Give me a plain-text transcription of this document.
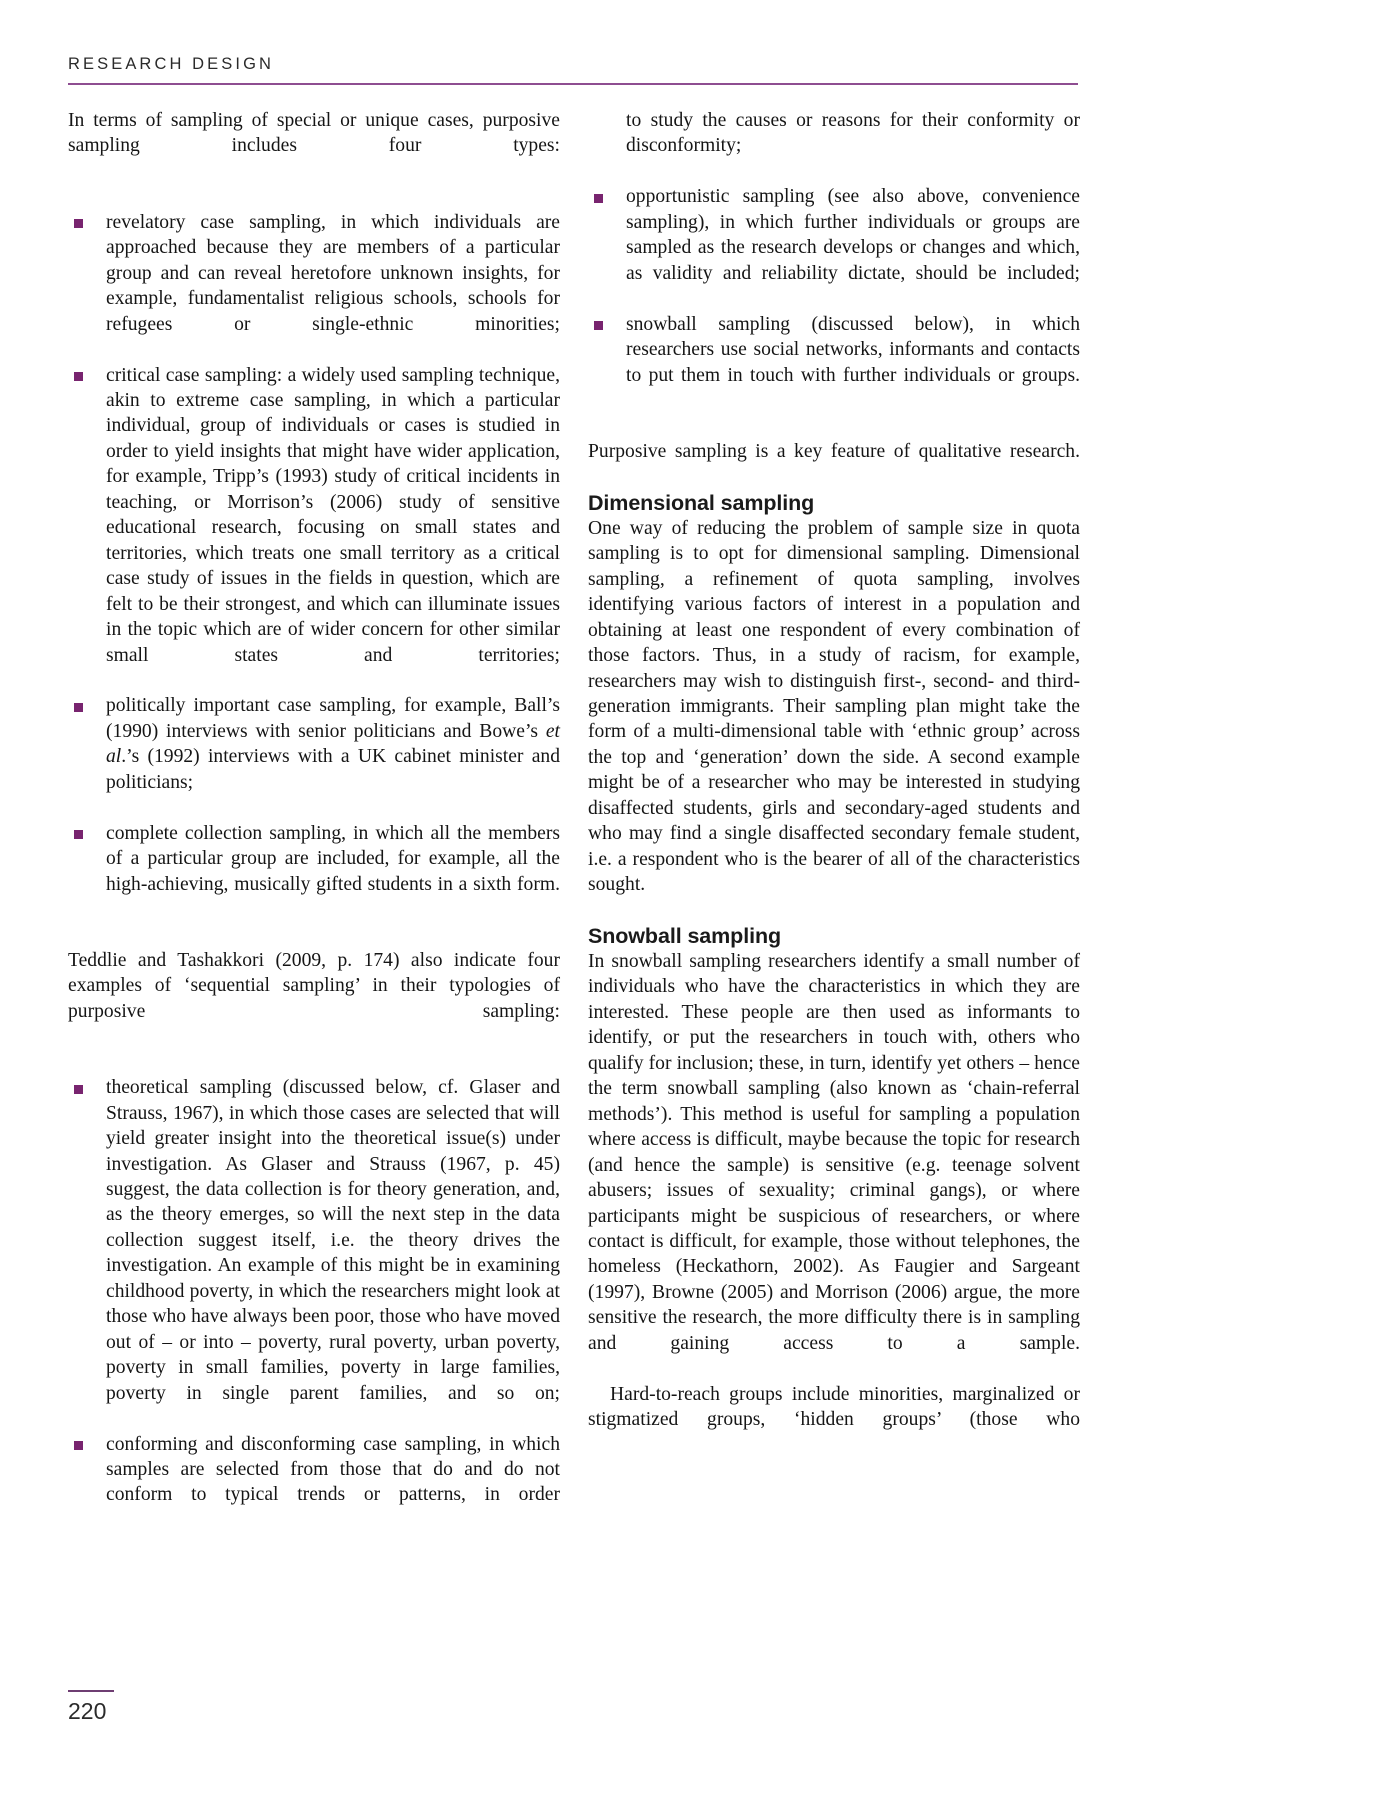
RESEARCH DESIGN

In terms of sampling of special or unique cases, purposive sampling includes four types:

revelatory case sampling, in which individuals are approached because they are members of a particular group and can reveal heretofore unknown insights, for example, fundamentalist religious schools, schools for refugees or single-ethnic minorities;
critical case sampling: a widely used sampling technique, akin to extreme case sampling, in which a particular individual, group of individuals or cases is studied in order to yield insights that might have wider application, for example, Tripp’s (1993) study of critical incidents in teaching, or Morrison’s (2006) study of sensitive educational research, focusing on small states and territories, which treats one small territory as a critical case study of issues in the fields in question, which are felt to be their strongest, and which can illuminate issues in the topic which are of wider concern for other similar small states and territories;
politically important case sampling, for example, Ball’s (1990) interviews with senior politicians and Bowe’s et al.’s (1992) interviews with a UK cabinet minister and politicians;
complete collection sampling, in which all the members of a particular group are included, for example, all the high-achieving, musically gifted students in a sixth form.

Teddlie and Tashakkori (2009, p. 174) also indicate four examples of ‘sequential sampling’ in their typologies of purposive sampling:

theoretical sampling (discussed below, cf. Glaser and Strauss, 1967), in which those cases are selected that will yield greater insight into the theoretical issue(s) under investigation. As Glaser and Strauss (1967, p. 45) suggest, the data collection is for theory generation, and, as the theory emerges, so will the next step in the data collection suggest itself, i.e. the theory drives the investigation. An example of this might be in examining childhood poverty, in which the researchers might look at those who have always been poor, those who have moved out of – or into – poverty, rural poverty, urban poverty, poverty in small families, poverty in large families, poverty in single parent families, and so on;
conforming and disconforming case sampling, in which samples are selected from those that do and do not conform to typical trends or patterns, in order
to study the causes or reasons for their conformity or disconformity;
opportunistic sampling (see also above, convenience sampling), in which further individuals or groups are sampled as the research develops or changes and which, as validity and reliability dictate, should be included;
snowball sampling (discussed below), in which researchers use social networks, informants and contacts to put them in touch with further individuals or groups.

Purposive sampling is a key feature of qualitative research.

Dimensional sampling

One way of reducing the problem of sample size in quota sampling is to opt for dimensional sampling. Dimensional sampling, a refinement of quota sampling, involves identifying various factors of interest in a population and obtaining at least one respondent of every combination of those factors. Thus, in a study of racism, for example, researchers may wish to distinguish first-, second- and third-generation immigrants. Their sampling plan might take the form of a multi-dimensional table with ‘ethnic group’ across the top and ‘generation’ down the side. A second example might be of a researcher who may be interested in studying disaffected students, girls and secondary-aged students and who may find a single disaffected secondary female student, i.e. a respondent who is the bearer of all of the characteristics sought.

Snowball sampling

In snowball sampling researchers identify a small number of individuals who have the characteristics in which they are interested. These people are then used as informants to identify, or put the researchers in touch with, others who qualify for inclusion; these, in turn, identify yet others – hence the term snowball sampling (also known as ‘chain-referral methods’). This method is useful for sampling a population where access is difficult, maybe because the topic for research (and hence the sample) is sensitive (e.g. teenage solvent abusers; issues of sexuality; criminal gangs), or where participants might be suspicious of researchers, or where contact is difficult, for example, those without telephones, the homeless (Heckathorn, 2002). As Faugier and Sargeant (1997), Browne (2005) and Morrison (2006) argue, the more sensitive the research, the more difficulty there is in sampling and gaining access to a sample.

Hard-to-reach groups include minorities, marginalized or stigmatized groups, ‘hidden groups’ (those who

220
